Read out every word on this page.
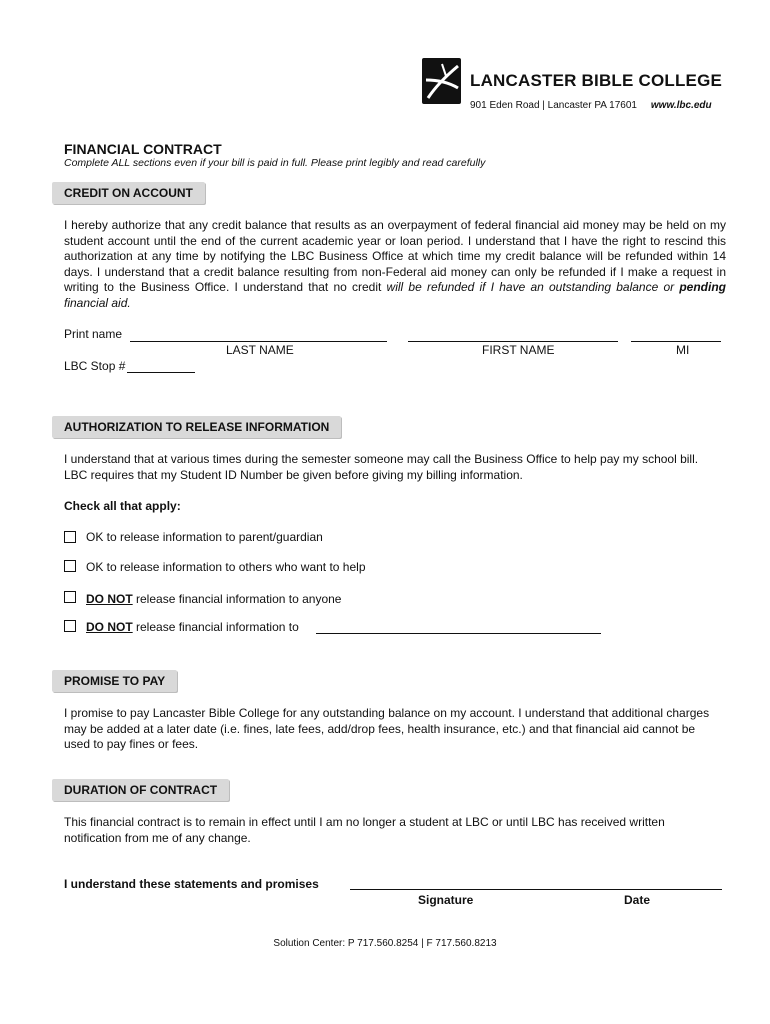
LANCASTER BIBLE COLLEGE
901 Eden Road | Lancaster PA 17601 www.lbc.edu
FINANCIAL CONTRACT
Complete ALL sections even if your bill is paid in full. Please print legibly and read carefully
CREDIT ON ACCOUNT
I hereby authorize that any credit balance that results as an overpayment of federal financial aid money may be held on my student account until the end of the current academic year or loan period. I understand that I have the right to rescind this authorization at any time by notifying the LBC Business Office at which time my credit balance will be refunded within 14 days. I understand that a credit balance resulting from non-Federal aid money can only be refunded if I make a request in writing to the Business Office. I understand that no credit will be refunded if I have an outstanding balance or pending financial aid.
Print name
LAST NAME	FIRST NAME	MI
LBC Stop #
AUTHORIZATION TO RELEASE INFORMATION
I understand that at various times during the semester someone may call the Business Office to help pay my school bill. LBC requires that my Student ID Number be given before giving my billing information.
Check all that apply:
OK to release information to parent/guardian
OK to release information to others who want to help
DO NOT release financial information to anyone
DO NOT release financial information to
PROMISE TO PAY
I promise to pay Lancaster Bible College for any outstanding balance on my account. I understand that additional charges may be added at a later date (i.e. fines, late fees, add/drop fees, health insurance, etc.) and that financial aid cannot be used to pay fines or fees.
DURATION OF CONTRACT
This financial contract is to remain in effect until I am no longer a student at LBC or until LBC has received written notification from me of any change.
I understand these statements and promises
Signature	Date
Solution Center: P 717.560.8254 | F 717.560.8213
